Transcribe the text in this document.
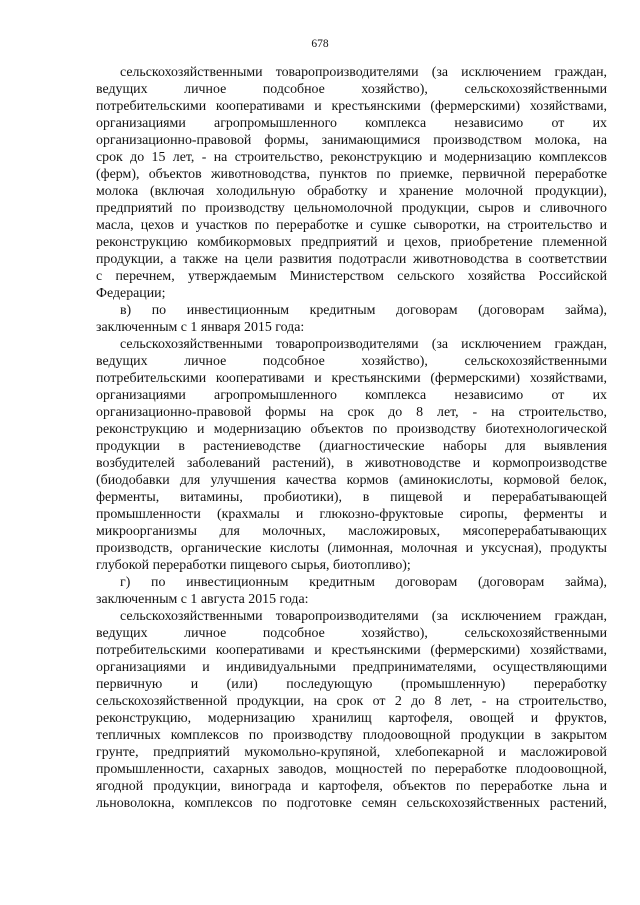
678
сельскохозяйственными товаропроизводителями (за исключением граждан,
ведущих личное подсобное хозяйство), сельскохозяйственными
потребительскими кооперативами и крестьянскими (фермерскими) хозяйствами,
организациями агропромышленного комплекса независимо от их
организационно-правовой формы, занимающимися производством молока, на
срок до 15 лет, - на строительство, реконструкцию и модернизацию комплексов
(ферм), объектов животноводства, пунктов по приемке, первичной переработке
молока (включая холодильную обработку и хранение молочной продукции),
предприятий по производству цельномолочной продукции, сыров и сливочного
масла, цехов и участков по переработке и сушке сыворотки, на строительство и
реконструкцию комбикормовых предприятий и цехов, приобретение племенной
продукции, а также на цели развития подотрасли животноводства в соответствии
с перечнем, утверждаемым Министерством сельского хозяйства Российской
Федерации;
в) по инвестиционным кредитным договорам (договорам займа),
заключенным с 1 января 2015 года:
сельскохозяйственными товаропроизводителями (за исключением граждан,
ведущих личное подсобное хозяйство), сельскохозяйственными
потребительскими кооперативами и крестьянскими (фермерскими) хозяйствами,
организациями агропромышленного комплекса независимо от их
организационно-правовой формы на срок до 8 лет, - на строительство,
реконструкцию и модернизацию объектов по производству биотехнологической
продукции в растениеводстве (диагностические наборы для выявления
возбудителей заболеваний растений), в животноводстве и кормопроизводстве
(биодобавки для улучшения качества кормов (аминокислоты, кормовой белок,
ферменты, витамины, пробиотики), в пищевой и перерабатывающей
промышленности (крахмалы и глюкозно-фруктовые сиропы, ферменты и
микроорганизмы для молочных, масложировых, мясоперерабатывающих
производств, органические кислоты (лимонная, молочная и уксусная), продукты
глубокой переработки пищевого сырья, биотопливо);
г) по инвестиционным кредитным договорам (договорам займа),
заключенным с 1 августа 2015 года:
сельскохозяйственными товаропроизводителями (за исключением граждан,
ведущих личное подсобное хозяйство), сельскохозяйственными
потребительскими кооперативами и крестьянскими (фермерскими) хозяйствами,
организациями и индивидуальными предпринимателями, осуществляющими
первичную и (или) последующую (промышленную) переработку
сельскохозяйственной продукции, на срок от 2 до 8 лет, - на строительство,
реконструкцию, модернизацию хранилищ картофеля, овощей и фруктов,
тепличных комплексов по производству плодоовощной продукции в закрытом
грунте, предприятий мукомольно-крупяной, хлебопекарной и масложировой
промышленности, сахарных заводов, мощностей по переработке плодоовощной,
ягодной продукции, винограда и картофеля, объектов по переработке льна и
льноволокна, комплексов по подготовке семян сельскохозяйственных растений,
